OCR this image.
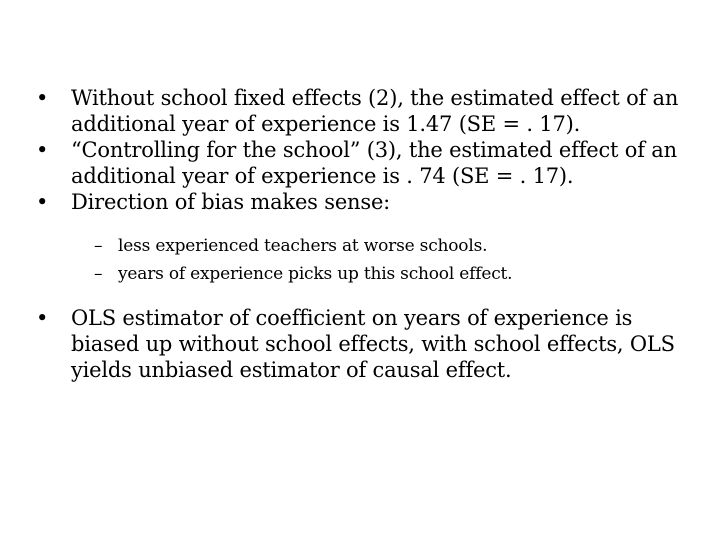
•	Without school fixed effects (2), the estimated effect of an additional year of experience is 1.47 (SE = . 17).
•	“Controlling for the school” (3), the estimated effect of an additional year of experience is . 74 (SE = . 17).
•	Direction of bias makes sense:
– less experienced teachers at worse schools.
– years of experience picks up this school effect.
•	OLS estimator of coefficient on years of experience is biased up without school effects, with school effects, OLS yields unbiased estimator of causal effect.
